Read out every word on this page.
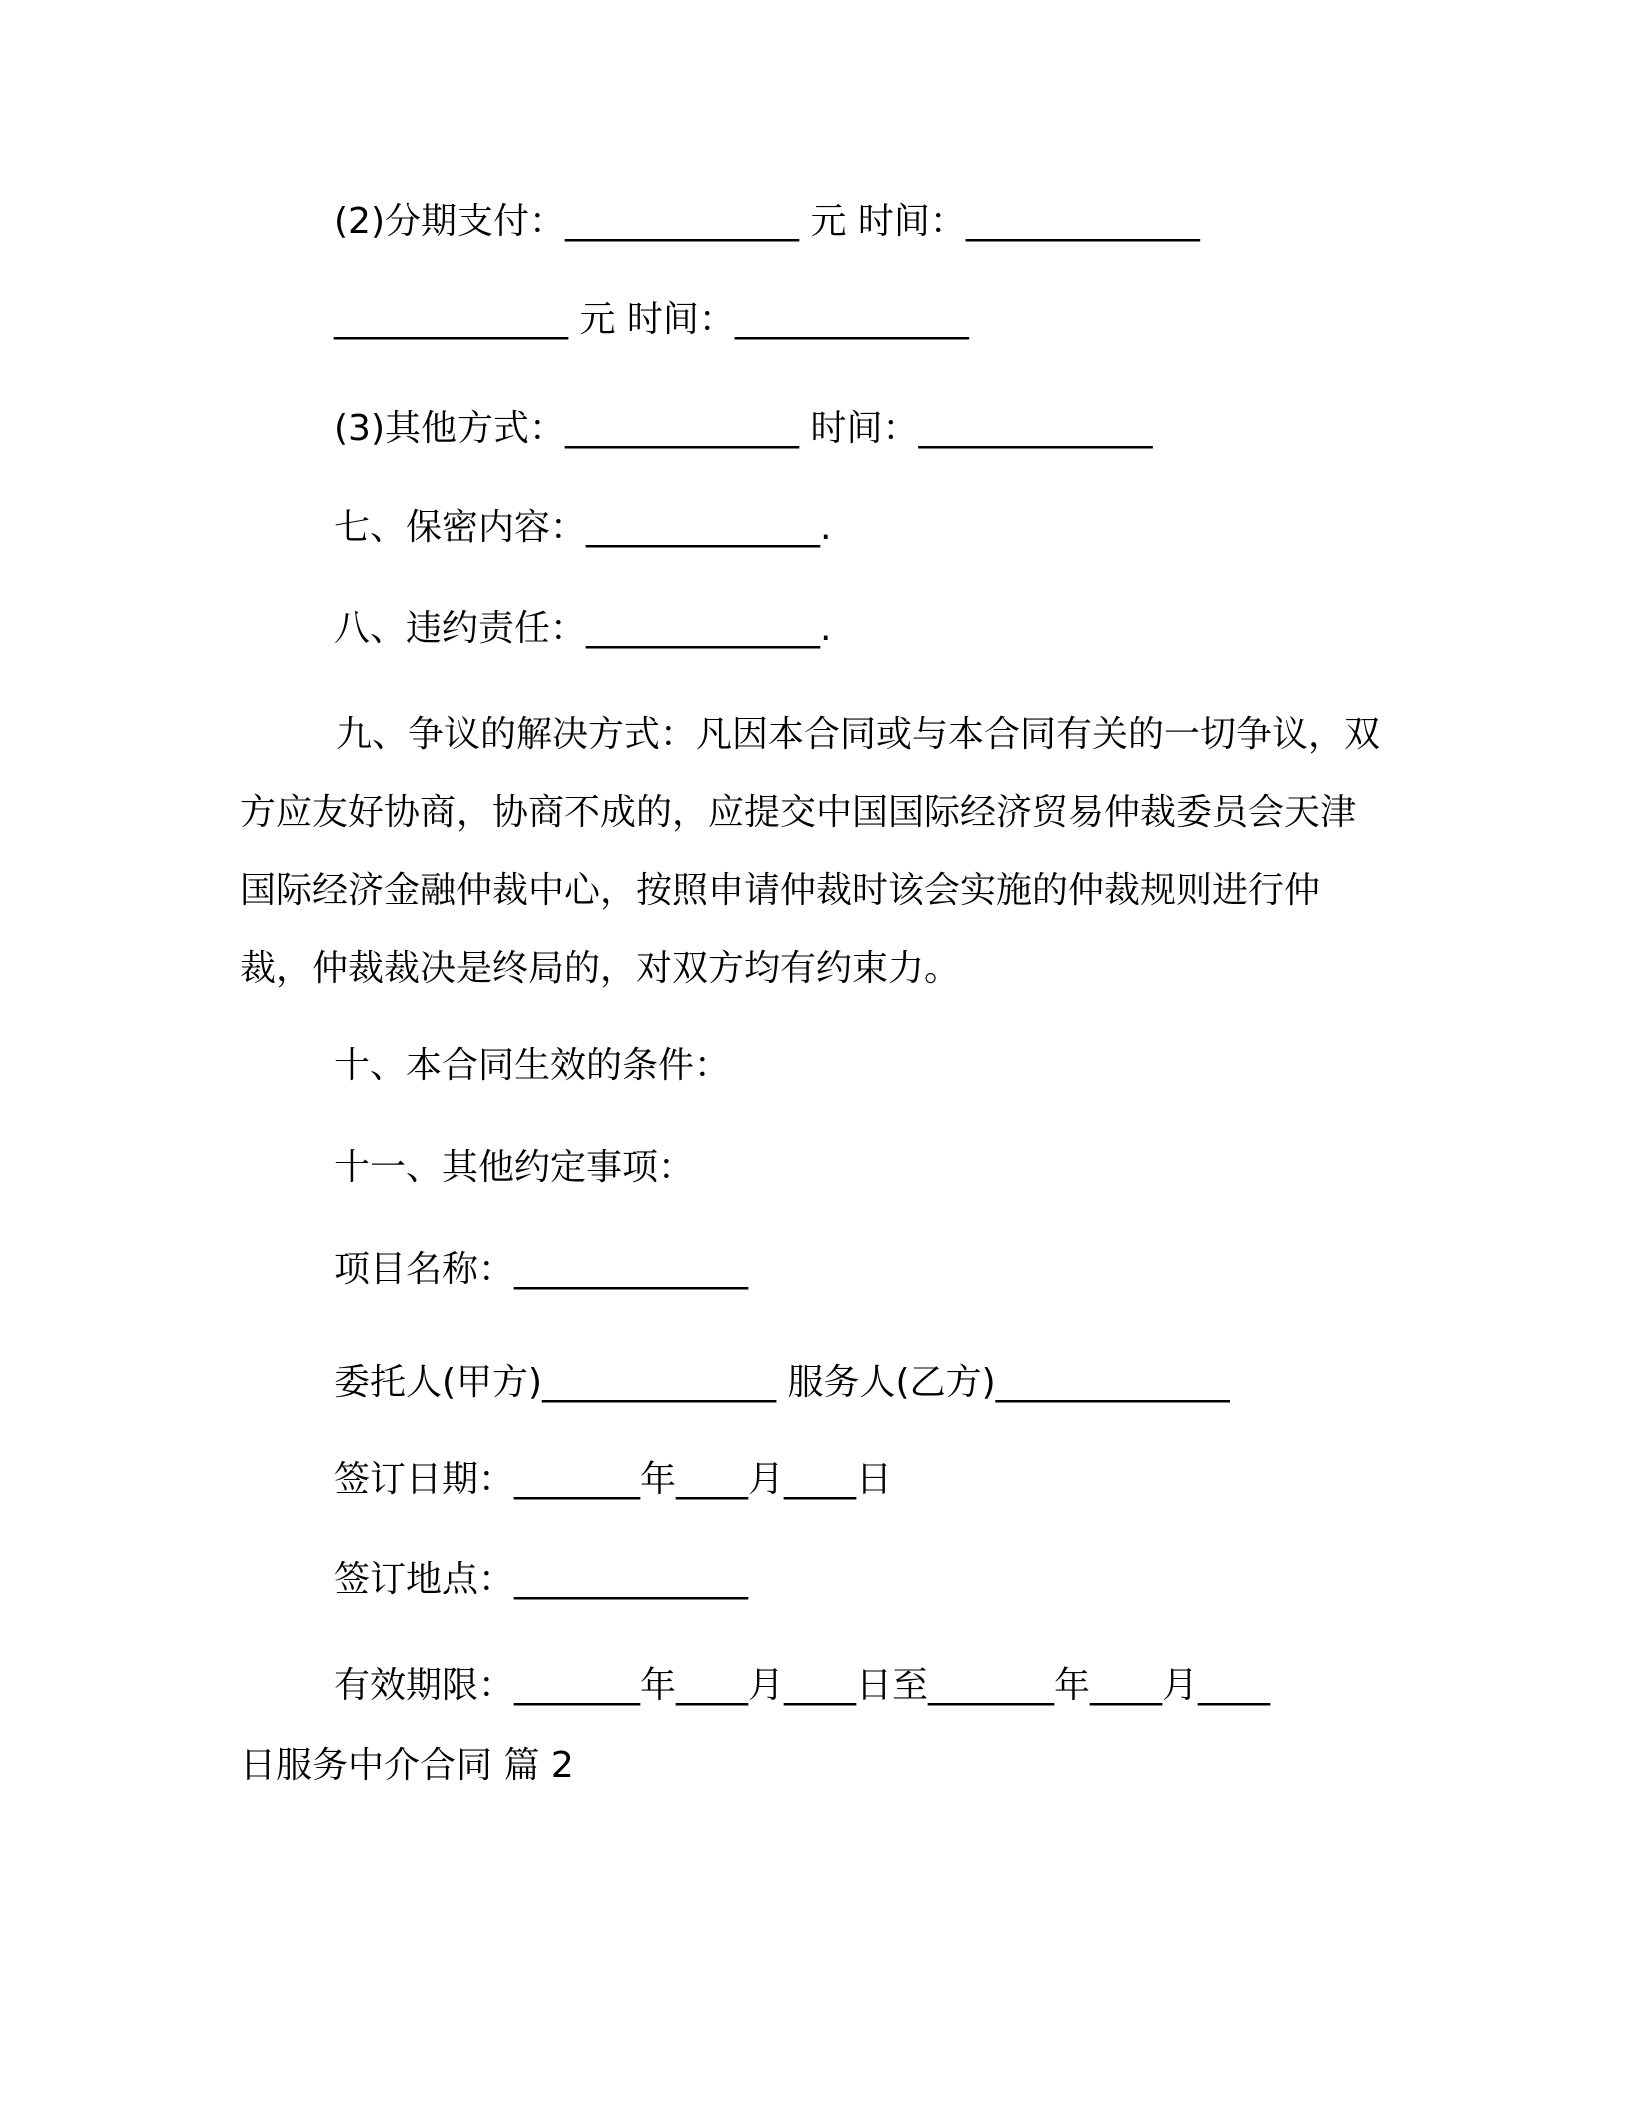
(2)分期支付：_____________ 元 时间：_____________
_____________ 元 时间：_____________
(3)其他方式：_____________ 时间：_____________
七、保密内容：_____________.
八、违约责任：_____________.
九、争议的解决方式：凡因本合同或与本合同有关的一切争议，双方应友好协商，协商不成的，应提交中国国际经济贸易仲裁委员会天津国际经济金融仲裁中心，按照申请仲裁时该会实施的仲裁规则进行仲裁，仲裁裁决是终局的，对双方均有约束力。
十、本合同生效的条件：
十一、其他约定事项：
项目名称：_____________
委托人(甲方)_____________ 服务人(乙方)_____________
签订日期：_______年____月____日
签订地点：_____________
有效期限：_______年____月____日至_______年____月____
日服务中介合同 篇 2
